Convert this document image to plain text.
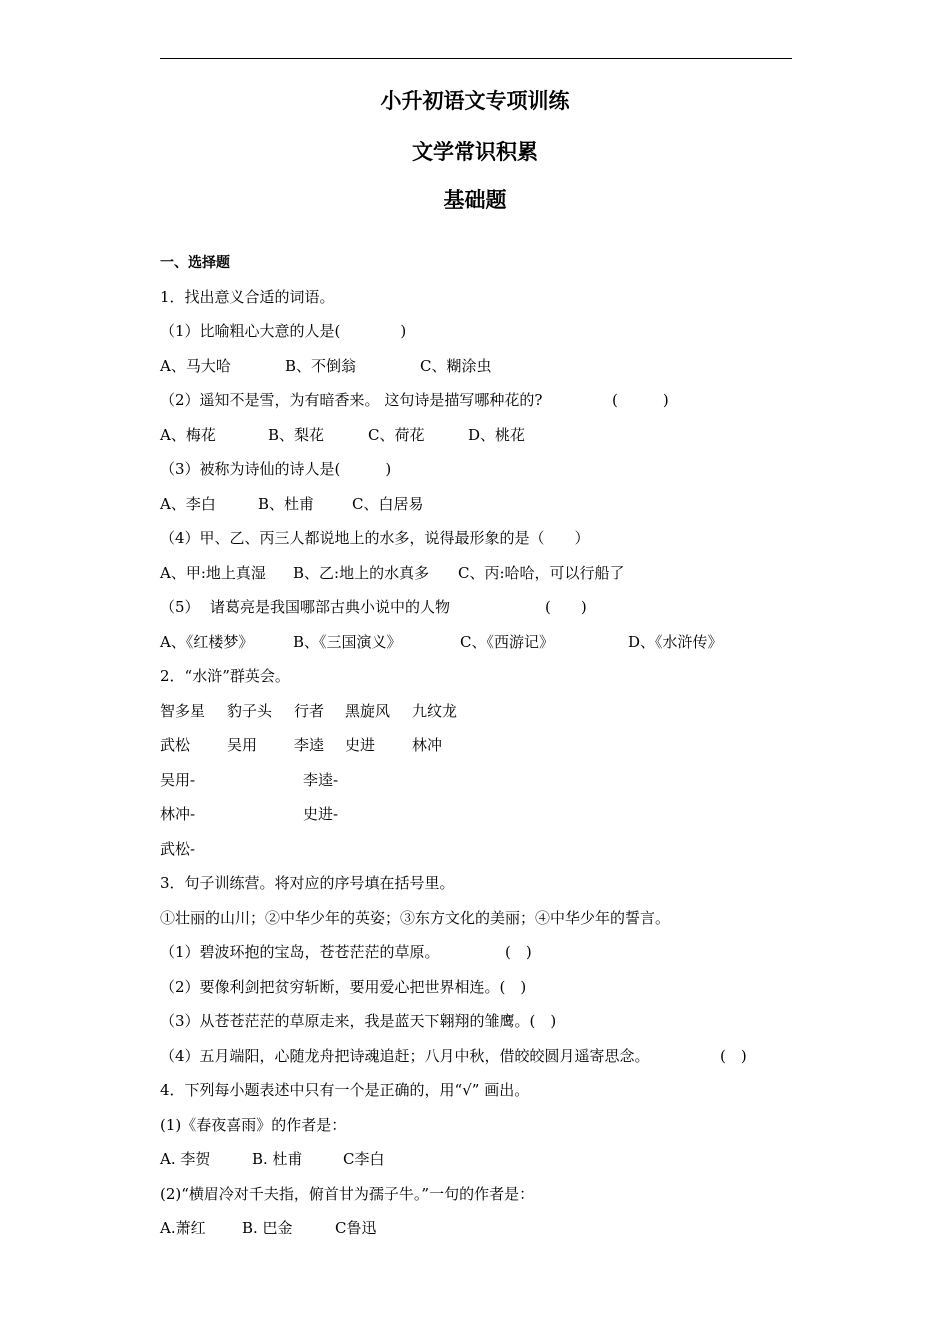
小升初语文专项训练
文学常识积累
基础题
一、选择题
1．找出意义合适的词语。
（1）比喻粗心大意的人是(　　　　)
A、马大哈	B、不倒翁	C、糊涂虫
（2）遥知不是雪，为有暗香来。 这句诗是描写哪种花的?	(　　　)
A、梅花	B、梨花	C、荷花	D、桃花
（3）被称为诗仙的诗人是(　　　)
A、李白	B、杜甫	C、白居易
（4）甲、乙、丙三人都说地上的水多，说得最形象的是（　　）
A、甲:地上真湿 B、乙:地上的水真多 C、丙:哈哈，可以行船了
（5） 诸葛亮是我国哪部古典小说中的人物	(　　)
A、《红楼梦》	B、《三国演义》	C、《西游记》	D、《水浒传》
2．“水浒”群英会。
智多星 豹子头 行者 黑旋风 九纹龙
武松 吴用 李逵 史进 林冲
吴用-	李逵-
林冲-	史进-
武松-
3．句子训练营。将对应的序号填在括号里。
①壮丽的山川；②中华少年的英姿；③东方文化的美丽；④中华少年的誓言。
（1）碧波环抱的宝岛，苍苍茫茫的草原。	(　)
（2）要像利剑把贫穷斩断，要用爱心把世界相连。(　)
（3）从苍苍茫茫的草原走来，我是蓝天下翱翔的雏鹰。(　)
（4）五月端阳，心随龙舟把诗魂追赶；八月中秋，借皎皎圆月遥寄思念。	(　)
4．下列每小题表述中只有一个是正确的，用“√” 画出。
(1)《春夜喜雨》的作者是：
A. 李贺	B. 杜甫	C李白
(2)“横眉冷对千夫指，俯首甘为孺子牛。”一句的作者是：
A.萧红 B. 巴金	C鲁迅
